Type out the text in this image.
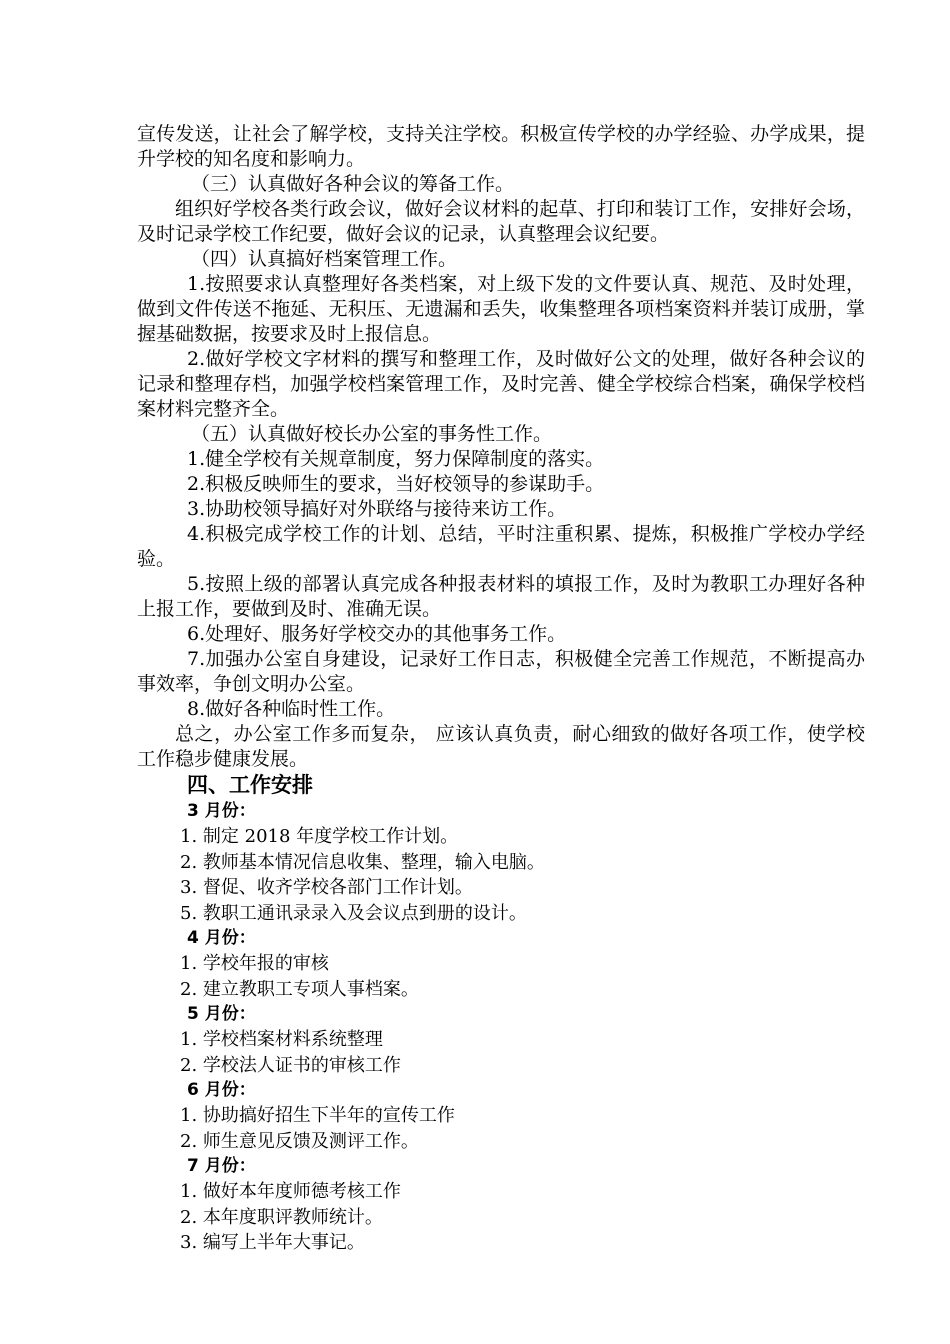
宣传发送，让社会了解学校，支持关注学校。积极宣传学校的办学经验、办学成果，提升学校的知名度和影响力。

（三）认真做好各种会议的筹备工作。

组织好学校各类行政会议，做好会议材料的起草、打印和装订工作，安排好会场，及时记录学校工作纪要，做好会议的记录，认真整理会议纪要。

（四）认真搞好档案管理工作。

1.按照要求认真整理好各类档案，对上级下发的文件要认真、规范、及时处理，做到文件传送不拖延、无积压、无遗漏和丢失，收集整理各项档案资料并装订成册，掌握基础数据，按要求及时上报信息。

2.做好学校文字材料的撰写和整理工作，及时做好公文的处理，做好各种会议的记录和整理存档，加强学校档案管理工作，及时完善、健全学校综合档案，确保学校档案材料完整齐全。

（五）认真做好校长办公室的事务性工作。

1.健全学校有关规章制度，努力保障制度的落实。

2.积极反映师生的要求，当好校领导的参谋助手。

3.协助校领导搞好对外联络与接待来访工作。

4.积极完成学校工作的计划、总结，平时注重积累、提炼，积极推广学校办学经验。

5.按照上级的部署认真完成各种报表材料的填报工作，及时为教职工办理好各种上报工作，要做到及时、准确无误。

6.处理好、服务好学校交办的其他事务工作。

7.加强办公室自身建设，记录好工作日志，积极健全完善工作规范，不断提高办事效率，争创文明办公室。

8.做好各种临时性工作。

总之，办公室工作多而复杂， 应该认真负责，耐心细致的做好各项工作，使学校工作稳步健康发展。

四、工作安排

3 月份：

1. 制定 2018 年度学校工作计划。

2. 教师基本情况信息收集、整理，输入电脑。

3. 督促、收齐学校各部门工作计划。

5. 教职工通讯录录入及会议点到册的设计。

4 月份：

1. 学校年报的审核

2. 建立教职工专项人事档案。

5 月份：

1. 学校档案材料系统整理

2. 学校法人证书的审核工作

6 月份：

1. 协助搞好招生下半年的宣传工作

2. 师生意见反馈及测评工作。

7 月份：

1. 做好本年度师德考核工作

2. 本年度职评教师统计。

3. 编写上半年大事记。
